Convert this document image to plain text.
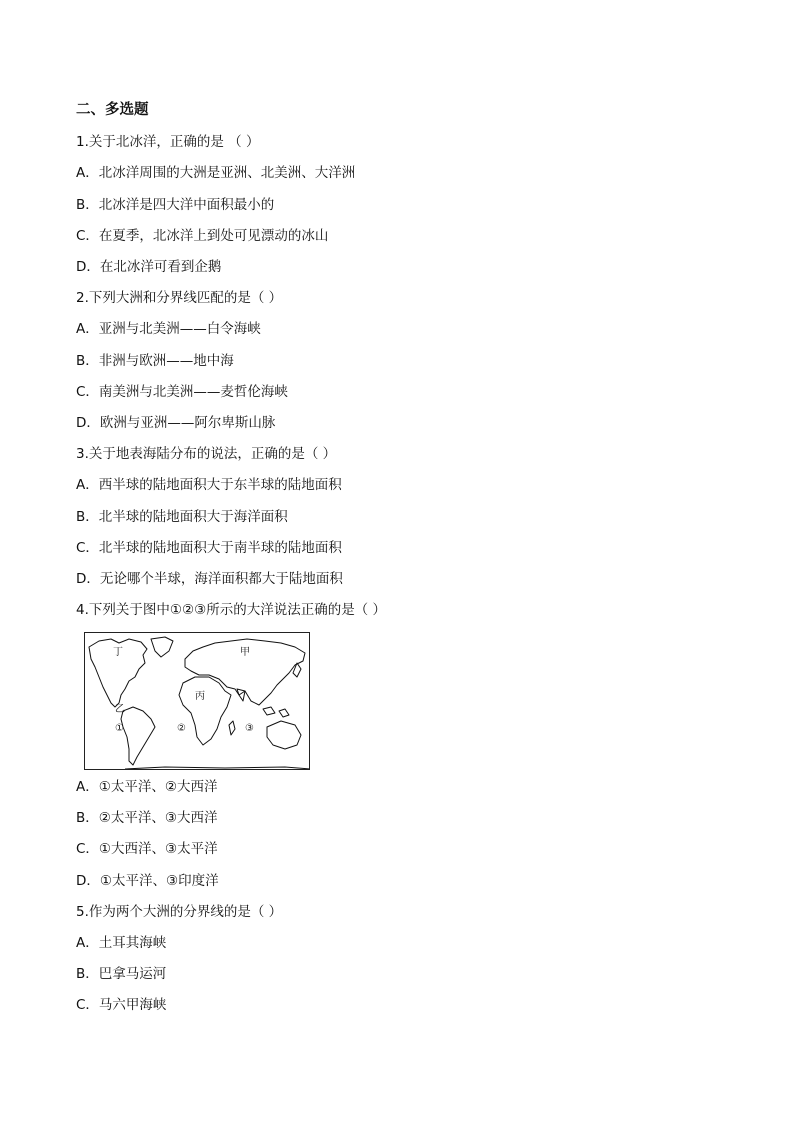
二、多选题
1.关于北冰洋，正确的是 （ ）
A．北冰洋周围的大洲是亚洲、北美洲、大洋洲
B．北冰洋是四大洋中面积最小的
C．在夏季，北冰洋上到处可见漂动的冰山
D．在北冰洋可看到企鹅
2.下列大洲和分界线匹配的是（ ）
A．亚洲与北美洲——白令海峡
B．非洲与欧洲——地中海
C．南美洲与北美洲——麦哲伦海峡
D．欧洲与亚洲——阿尔卑斯山脉
3.关于地表海陆分布的说法，正确的是（ ）
A．西半球的陆地面积大于东半球的陆地面积
B．北半球的陆地面积大于海洋面积
C．北半球的陆地面积大于南半球的陆地面积
D．无论哪个半球，海洋面积都大于陆地面积
4.下列关于图中①②③所示的大洋说法正确的是（ ）
丁	甲
丙
乙
①	②	③
A．①太平洋、②大西洋
B．②太平洋、③大西洋
C．①大西洋、③太平洋
D．①太平洋、③印度洋
5.作为两个大洲的分界线的是（ ）
A．土耳其海峡
B．巴拿马运河
C．马六甲海峡
